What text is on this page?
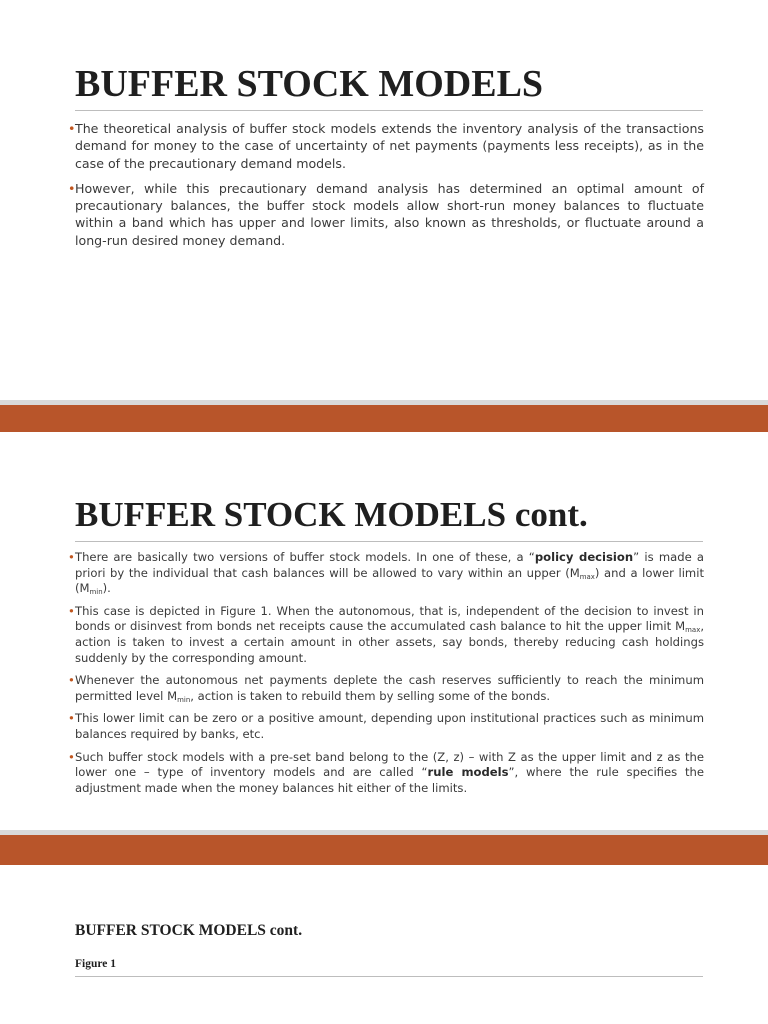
BUFFER STOCK MODELS
• The theoretical analysis of buffer stock models extends the inventory analysis of the transactions demand for money to the case of uncertainty of net payments (payments less receipts), as in the case of the precautionary demand models.
• However, while this precautionary demand analysis has determined an optimal amount of precautionary balances, the buffer stock models allow short-run money balances to fluctuate within a band which has upper and lower limits, also known as thresholds, or fluctuate around a long-run desired money demand.
BUFFER STOCK MODELS cont.
• There are basically two versions of buffer stock models. In one of these, a “policy decision” is made a priori by the individual that cash balances will be allowed to vary within an upper $(M_{max})$ and a lower limit $(M_{min})$.
• This case is depicted in Figure 1. When the autonomous, that is, independent of the decision to invest in bonds or disinvest from bonds net receipts cause the accumulated cash balance to hit the upper limit $M_{max}$, action is taken to invest a certain amount in other assets, say bonds, thereby reducing cash holdings suddenly by the corresponding amount.
• Whenever the autonomous net payments deplete the cash reserves sufficiently to reach the minimum permitted level $M_{min}$, action is taken to rebuild them by selling some of the bonds.
• This lower limit can be zero or a positive amount, depending upon institutional practices such as minimum balances required by banks, etc.
• Such buffer stock models with a pre-set band belong to the (Z, z) – with Z as the upper limit and z as the lower one – type of inventory models and are called “rule models”, where the rule specifies the adjustment made when the money balances hit either of the limits.
BUFFER STOCK MODELS cont.
Figure 1
